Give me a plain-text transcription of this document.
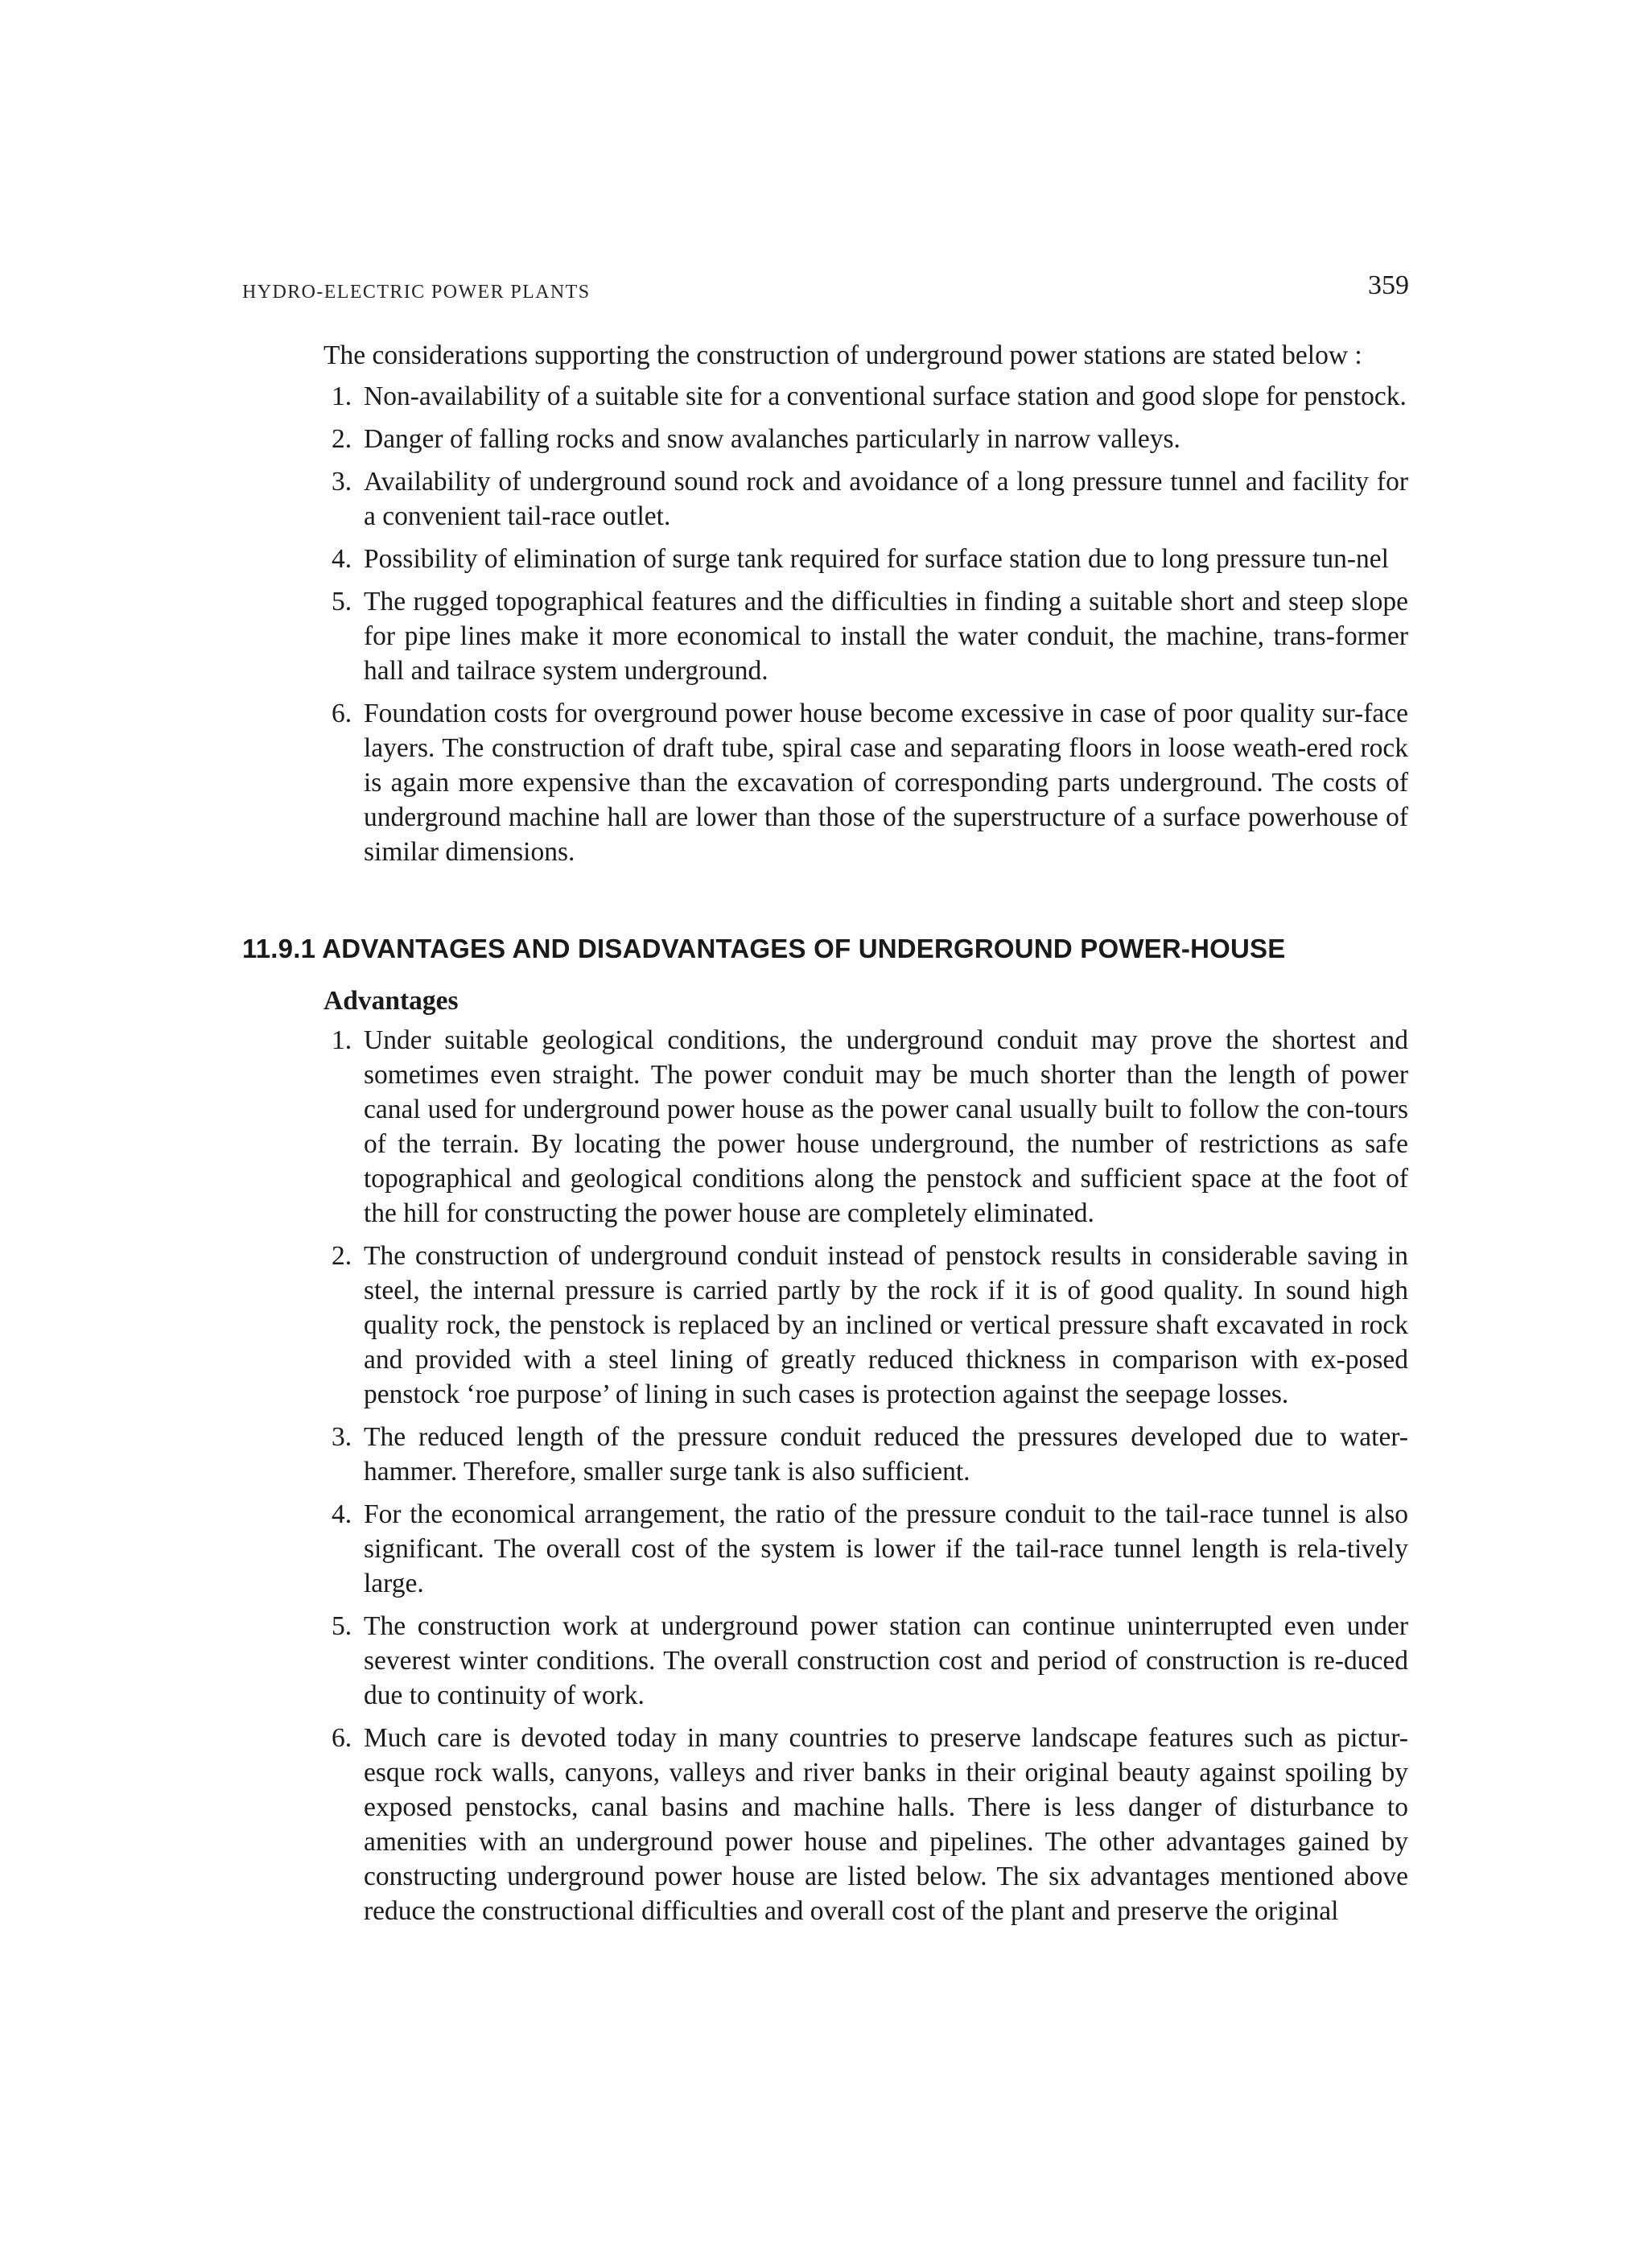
HYDRO-ELECTRIC POWER PLANTS	359

The considerations supporting the construction of underground power stations are stated below :

1. Non-availability of a suitable site for a conventional surface station and good slope for penstock.
2. Danger of falling rocks and snow avalanches particularly in narrow valleys.
3. Availability of underground sound rock and avoidance of a long pressure tunnel and facility for a convenient tail-race outlet.
4. Possibility of elimination of surge tank required for surface station due to long pressure tun-nel
5. The rugged topographical features and the difficulties in finding a suitable short and steep slope for pipe lines make it more economical to install the water conduit, the machine, trans-former hall and tailrace system underground.
6. Foundation costs for overground power house become excessive in case of poor quality sur-face layers. The construction of draft tube, spiral case and separating floors in loose weath-ered rock is again more expensive than the excavation of corresponding parts underground. The costs of underground machine hall are lower than those of the superstructure of a surface powerhouse of similar dimensions.
11.9.1 ADVANTAGES AND DISADVANTAGES OF UNDERGROUND POWER-HOUSE
Advantages
1. Under suitable geological conditions, the underground conduit may prove the shortest and sometimes even straight. The power conduit may be much shorter than the length of power canal used for underground power house as the power canal usually built to follow the con-tours of the terrain. By locating the power house underground, the number of restrictions as safe topographical and geological conditions along the penstock and sufficient space at the foot of the hill for constructing the power house are completely eliminated.
2. The construction of underground conduit instead of penstock results in considerable saving in steel, the internal pressure is carried partly by the rock if it is of good quality. In sound high quality rock, the penstock is replaced by an inclined or vertical pressure shaft excavated in rock and provided with a steel lining of greatly reduced thickness in comparison with ex-posed penstock ‘roe purpose’ of lining in such cases is protection against the seepage losses.
3. The reduced length of the pressure conduit reduced the pressures developed due to water-hammer. Therefore, smaller surge tank is also sufficient.
4. For the economical arrangement, the ratio of the pressure conduit to the tail-race tunnel is also significant. The overall cost of the system is lower if the tail-race tunnel length is rela-tively large.
5. The construction work at underground power station can continue uninterrupted even under severest winter conditions. The overall construction cost and period of construction is re-duced due to continuity of work.
6. Much care is devoted today in many countries to preserve landscape features such as pictur-esque rock walls, canyons, valleys and river banks in their original beauty against spoiling by exposed penstocks, canal basins and machine halls. There is less danger of disturbance to amenities with an underground power house and pipelines. The other advantages gained by constructing underground power house are listed below. The six advantages mentioned above reduce the constructional difficulties and overall cost of the plant and preserve the original
